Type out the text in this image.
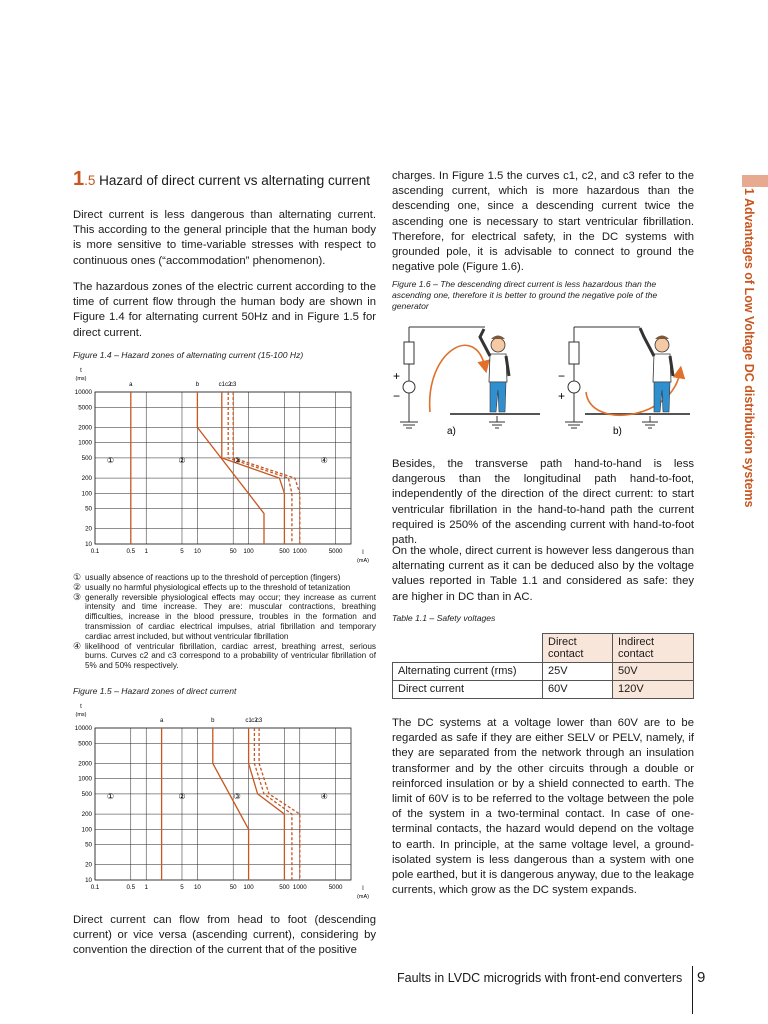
1 Advantages of Low Voltage DC distribution systems
1.5 Hazard of direct current vs alternating current

Direct current is less dangerous than alternating current. This according to the general principle that the human body is more sensitive to time-variable stresses with respect to continuous ones (“accommodation” phenomenon).

The hazardous zones of the electric current according to the time of current flow through the human body are shown in Figure 1.4 for alternating current 50Hz and in Figure 1.5 for direct current.

Figure 1.4 – Hazard zones of alternating current (15-100 Hz)

10
20
50
100
200
500
1000
2000
5000
10000
0.1	0.5 1	5 10	50 100	500 1000	5000
t
(ms)
I
(mA)
a	b	c1 c2
c3
①	②	③	④
① usually absence of reactions up to the threshold of perception (fingers)
② usually no harmful physiological effects up to the threshold of tetanization
③ generally reversible physiological effects may occur; they increase as current intensity and time increase. They are: muscular contractions, breathing difficulties, increase in the blood pressure, troubles in the formation and transmission of cardiac electrical impulses, atrial fibrillation and temporary cardiac arrest included, but without ventricular fibrillation
④ likelihood of ventricular fibrillation, cardiac arrest, breathing arrest, serious burns. Curves c2 and c3 correspond to a probability of ventricular fibrillation of 5% and 50% respectively.

Figure 1.5 – Hazard zones of direct current

10
20
50
100
200
500
1000
2000
5000
10000
0.1	0.5 1	5 10	50 100	500 1000	5000
t
(ms)
I
(mA)
a	b	c1 c2
c3
①	②	③	④

Direct current can flow from head to foot (descending current) or vice versa (ascending current), considering by convention the direction of the current that of the positive

charges. In Figure 1.5 the curves c1, c2, and c3 refer to the ascending current, which is more hazardous than the descending one, since a descending current twice the ascending one is necessary to start ventricular fibrillation. Therefore, for electrical safety, in the DC systems with grounded pole, it is advisable to connect to ground the negative pole (Figure 1.6).

Figure 1.6 – The descending direct current is less hazardous than the ascending one, therefore it is better to ground the negative pole of the generator

+
−
a)
−
+
b)

Besides, the transverse path hand-to-hand is less dangerous than the longitudinal path hand-to-foot, independently of the direction of the direct current: to start ventricular fibrillation in the hand-to-hand path the current required is 250% of the ascending current with hand-to-foot path.

On the whole, direct current is however less dangerous than alternating current as it can be deduced also by the voltage values reported in Table 1.1 and considered as safe: they are higher in DC than in AC.

Table 1.1 – Safety voltages

	Direct contact	Indirect contact
Alternating current (rms)	25V	50V
Direct current	60V	120V

The DC systems at a voltage lower than 60V are to be regarded as safe if they are either SELV or PELV, namely, if they are separated from the network through an insulation transformer and by the other circuits through a double or reinforced insulation or by a shield connected to earth. The limit of 60V is to be referred to the voltage between the pole of the system in a two-terminal contact. In case of one-terminal contacts, the hazard would depend on the voltage to earth. In principle, at the same voltage level, a ground-isolated system is less dangerous than a system with one pole earthed, but it is dangerous anyway, due to the leakage currents, which grow as the DC system expands.

Faults in LVDC microgrids with front-end converters 9
